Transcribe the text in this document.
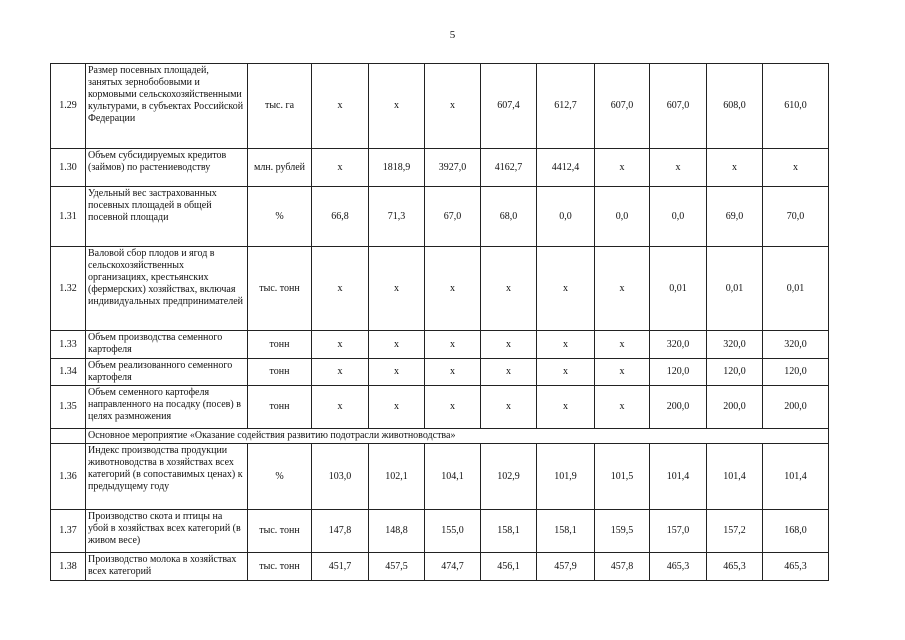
5
1.29	Размер посевных площадей, занятых зернобобовыми и кормовыми сельскохозяйственными культурами, в субъектах Российской Федерации	тыс. га	х	х	х	607,4	612,7	607,0	607,0	608,0	610,0
1.30	Объем субсидируемых кредитов (займов) по растениеводству	млн. рублей	х	1818,9	3927,0	4162,7	4412,4	х	х	х	х
1.31	Удельный вес застрахованных посевных площадей в общей посевной площади	%	66,8	71,3	67,0	68,0	0,0	0,0	0,0	69,0	70,0
1.32	Валовой сбор плодов и ягод в сельскохозяйственных организациях, крестьянских (фермерских) хозяйствах, включая индивидуальных предпринимателей	тыс. тонн	х	х	х	х	х	х	0,01	0,01	0,01
1.33	Объем производства семенного картофеля	тонн	х	х	х	х	х	х	320,0	320,0	320,0
1.34	Объем реализованного семенного картофеля	тонн	х	х	х	х	х	х	120,0	120,0	120,0
1.35	Объем семенного картофеля направленного на посадку (посев) в целях размножения	тонн	х	х	х	х	х	х	200,0	200,0	200,0
	Основное мероприятие «Оказание содействия развитию подотрасли животноводства»										
1.36	Индекс производства продукции животноводства в хозяйствах всех категорий (в сопоставимых ценах) к предыдущему году	%	103,0	102,1	104,1	102,9	101,9	101,5	101,4	101,4	101,4
1.37	Производство скота и птицы на убой в хозяйствах всех категорий (в живом весе)	тыс. тонн	147,8	148,8	155,0	158,1	158,1	159,5	157,0	157,2	168,0
1.38	Производство молока в хозяйствах всех категорий	тыс. тонн	451,7	457,5	474,7	456,1	457,9	457,8	465,3	465,3	465,3
